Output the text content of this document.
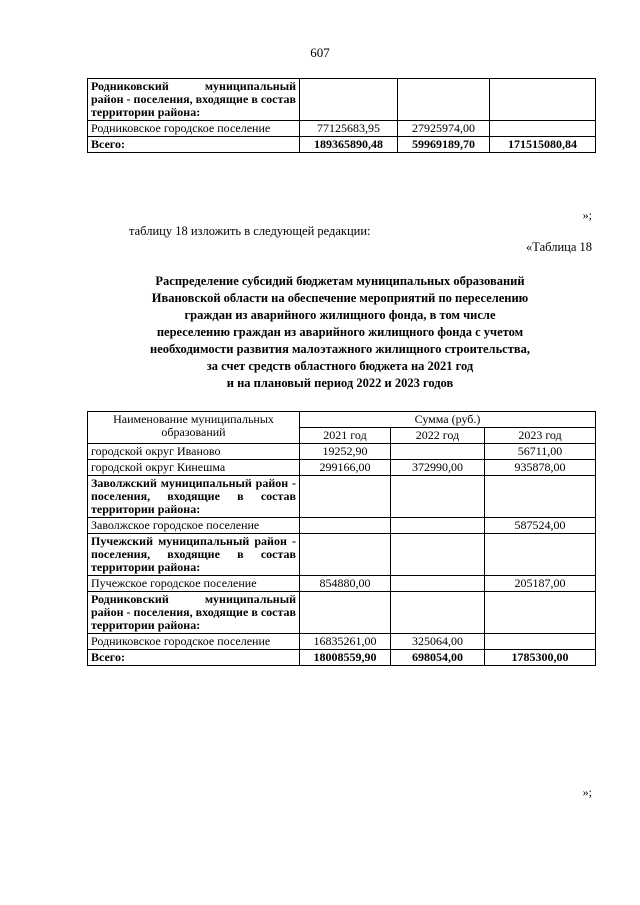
607
Родниковский муниципальный район - поселения, входящие в состав территории района:			
Родниковское городское поселение	77125683,95	27925974,00	
Всего:	189365890,48	59969189,70	171515080,84
»;
таблицу 18 изложить в следующей редакции:
«Таблица 18
Распределение субсидий бюджетам муниципальных образований
Ивановской области на обеспечение мероприятий по переселению
граждан из аварийного жилищного фонда, в том числе
переселению граждан из аварийного жилищного фонда с учетом
необходимости развития малоэтажного жилищного строительства,
за счет средств областного бюджета на 2021 год
и на плановый период 2022 и 2023 годов
Наименование муниципальных образований	Сумма (руб.)		
	2021 год	2022 год	2023 год
городской округ Иваново	19252,90		56711,00
городской округ Кинешма	299166,00	372990,00	935878,00
Заволжский муниципальный район - поселения, входящие в состав территории района:			
Заволжское городское поселение			587524,00
Пучежский муниципальный район - поселения, входящие в состав территории района:			
Пучежское городское поселение	854880,00		205187,00
Родниковский муниципальный район - поселения, входящие в состав территории района:			
Родниковское городское поселение	16835261,00	325064,00	
Всего:	18008559,90	698054,00	1785300,00
»;
